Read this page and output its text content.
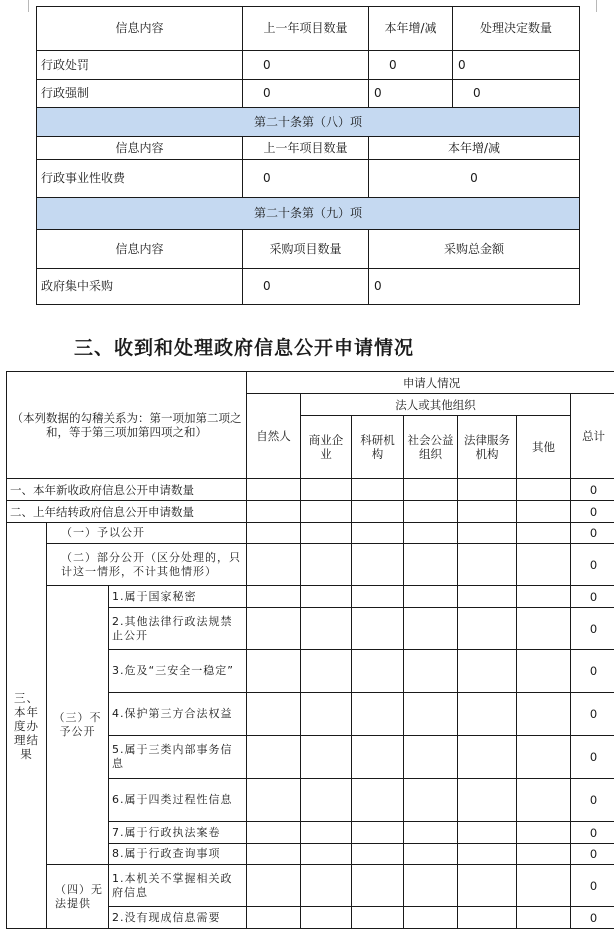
信息内容	上一年项目数量	本年增/减	处理决定数量
行政处罚	0	0	0
行政强制	0	0	0
第二十条第（八）项			
信息内容	上一年项目数量	本年增/减	
行政事业性收费	0	0	
第二十条第（九）项			
信息内容	采购项目数量	采购总金额	
政府集中采购	0	0	
三、收到和处理政府信息公开申请情况
（本列数据的勾稽关系为：第一项加第二项之和，等于第三项加第四项之和）			申请人情况						
			自然人	法人或其他组织					总计
				商业企业	科研机构	社会公益组织	法律服务机构	其他	
一、本年新收政府信息公开申请数量									0
二、上年结转政府信息公开申请数量									0
三、本年度办理结果	（一）予以公开								0
	（二）部分公开（区分处理的，只计这一情形，不计其他情形）								0
	（三）不予公开	1.属于国家秘密							0
		2.其他法律行政法规禁止公开							0
		3.危及“三安全一稳定”							0
		4.保护第三方合法权益							0
		5.属于三类内部事务信息							0
		6.属于四类过程性信息							0
		7.属于行政执法案卷							0
		8.属于行政查询事项							0
	（四）无法提供	1.本机关不掌握相关政府信息							0
		2.没有现成信息需要							0
